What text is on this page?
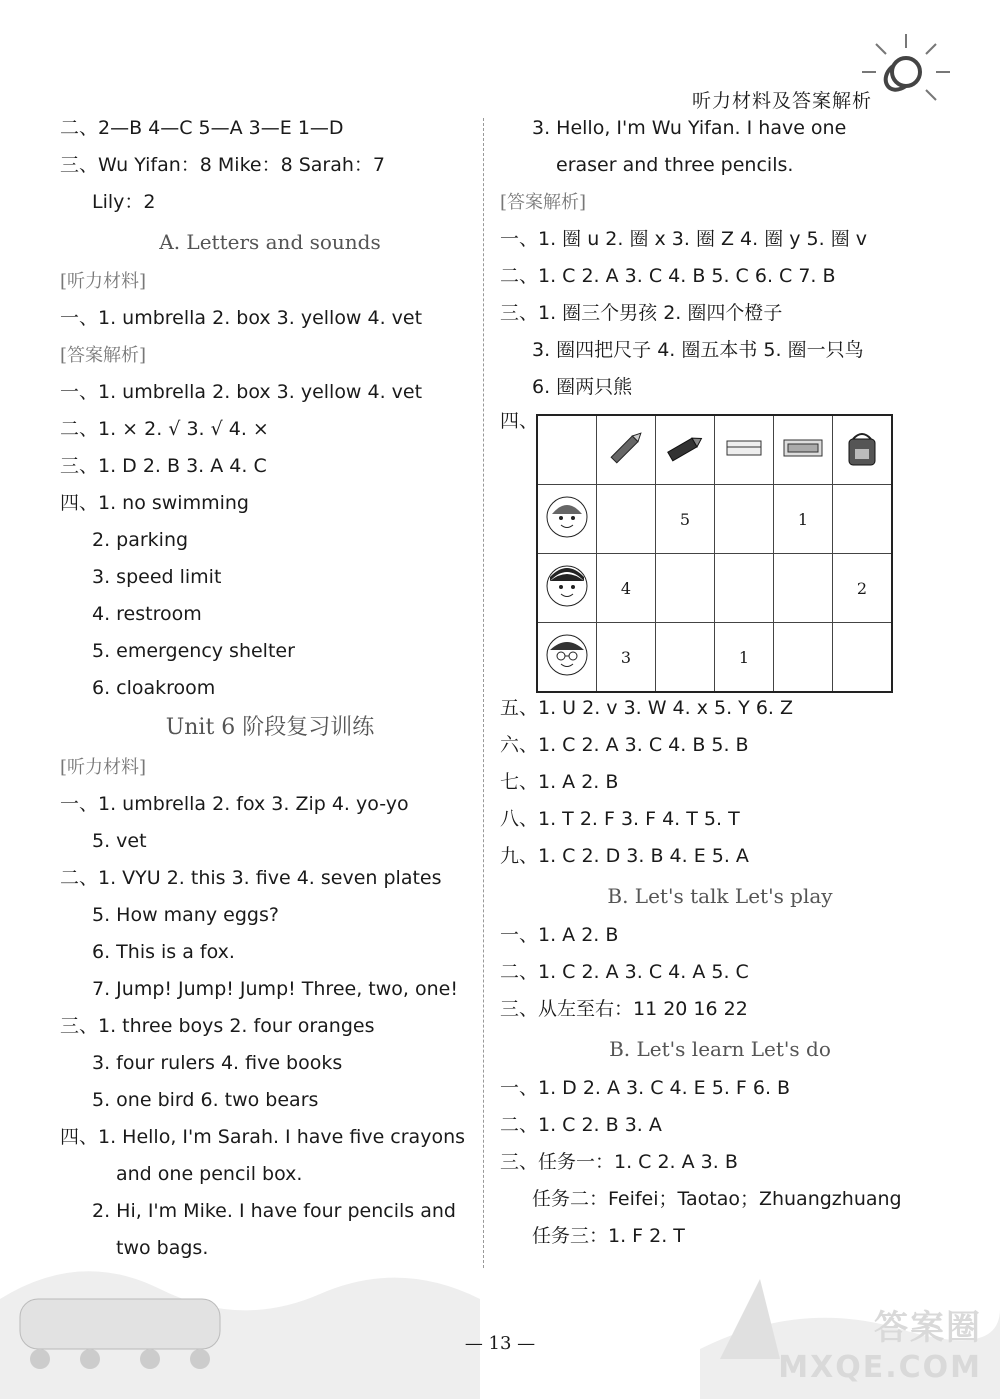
听力材料及答案解析
二、2—B 4—C 5—A 3—E 1—D
三、Wu Yifan：8 Mike：8 Sarah：7
Lily：2
A. Letters and sounds
[听力材料]
一、1. umbrella 2. box 3. yellow 4. vet
[答案解析]
一、1. umbrella 2. box 3. yellow 4. vet
二、1. × 2. √ 3. √ 4. ×
三、1. D 2. B 3. A 4. C
四、1. no swimming
2. parking
3. speed limit
4. restroom
5. emergency shelter
6. cloakroom
Unit 6 阶段复习训练
[听力材料]
一、1. umbrella 2. fox 3. Zip 4. yo-yo
5. vet
二、1. VYU 2. this 3. five 4. seven plates
5. How many eggs?
6. This is a fox.
7. Jump! Jump! Jump! Three, two, one!
三、1. three boys 2. four oranges
3. four rulers 4. five books
5. one bird 6. two bears
四、1. Hello, I'm Sarah. I have five crayons
and one pencil box.
2. Hi, I'm Mike. I have four pencils and
two bags.
3. Hello, I'm Wu Yifan. I have one
eraser and three pencils.
[答案解析]
一、1. 圈 u 2. 圈 x 3. 圈 Z 4. 圈 y 5. 圈 v
二、1. C 2. A 3. C 4. B 5. C 6. C 7. B
三、1. 圈三个男孩 2. 圈四个橙子
3. 圈四把尺子 4. 圈五本书 5. 圈一只鸟
6. 圈两只熊
四、

		5		1	
	4				2
	3		1		
五、1. U 2. v 3. W 4. x 5. Y 6. Z
六、1. C 2. A 3. C 4. B 5. B
七、1. A 2. B
八、1. T 2. F 3. F 4. T 5. T
九、1. C 2. D 3. B 4. E 5. A
B. Let's talk Let's play
一、1. A 2. B
二、1. C 2. A 3. C 4. A 5. C
三、从左至右：11 20 16 22
B. Let's learn Let's do
一、1. D 2. A 3. C 4. E 5. F 6. B
二、1. C 2. B 3. A
三、任务一：1. C 2. A 3. B
任务二：Feifei；Taotao；Zhuangzhuang
任务三：1. F 2. T
— 13 —	答案圈
MXQE.COM
